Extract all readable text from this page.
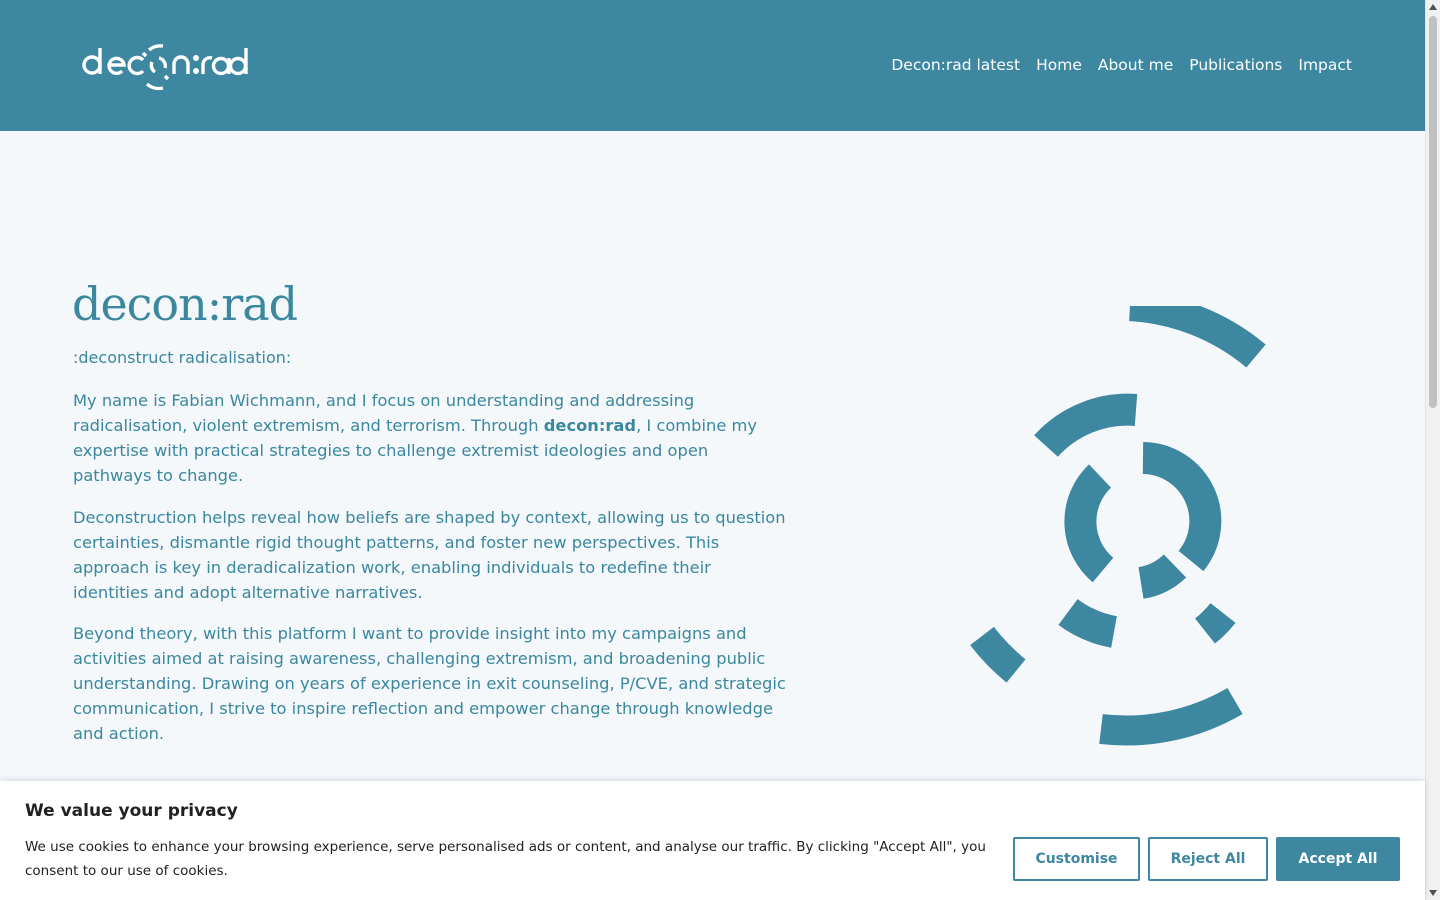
Decon:rad latest Home About me Publications Impact
decon:rad

:deconstruct radicalisation:

My name is Fabian Wichmann, and I focus on understanding and addressing radicalisation, violent extremism, and terrorism. Through decon:rad, I combine my expertise with practical strategies to challenge extremist ideologies and open pathways to change.

Deconstruction helps reveal how beliefs are shaped by context, allowing us to question certainties, dismantle rigid thought patterns, and foster new perspectives. This approach is key in deradicalization work, enabling individuals to redefine their identities and adopt alternative narratives.

Beyond theory, with this platform I want to provide insight into my campaigns and activities aimed at raising awareness, challenging extremism, and broadening public understanding. Drawing on years of experience in exit counseling, P/CVE, and strategic communication, I strive to inspire reflection and empower change through knowledge and action.

We value your privacy

We use cookies to enhance your browsing experience, serve personalised ads or content, and analyse our traffic. By clicking "Accept All", you consent to our use of cookies.

Customise	Reject All	Accept All
